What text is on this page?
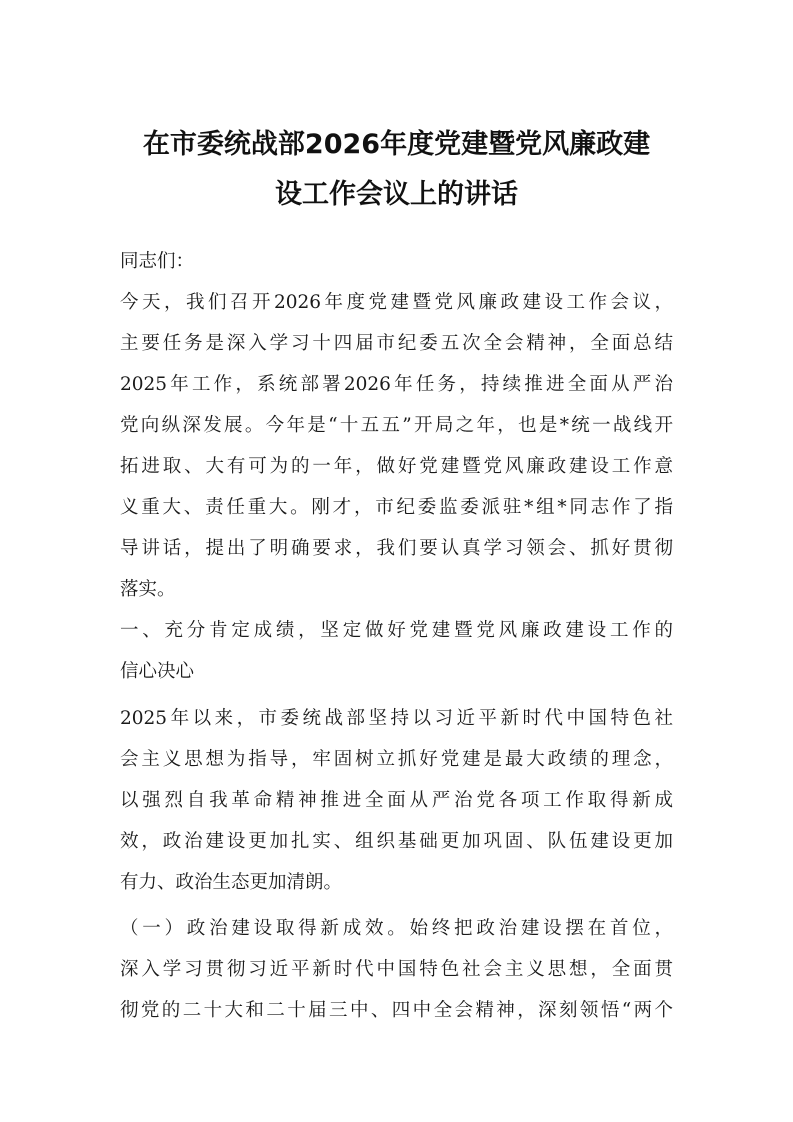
在市委统战部2026年度党建暨党风廉政建
设工作会议上的讲话
同志们：
今天，我们召开2026年度党建暨党风廉政建设工作会议，
主要任务是深入学习十四届市纪委五次全会精神，全面总结
2025年工作，系统部署2026年任务，持续推进全面从严治
党向纵深发展。今年是“十五五”开局之年，也是*统一战线开
拓进取、大有可为的一年，做好党建暨党风廉政建设工作意
义重大、责任重大。刚才，市纪委监委派驻*组*同志作了指
导讲话，提出了明确要求，我们要认真学习领会、抓好贯彻
落实。
一、充分肯定成绩，坚定做好党建暨党风廉政建设工作的
信心决心
2025年以来，市委统战部坚持以习近平新时代中国特色社
会主义思想为指导，牢固树立抓好党建是最大政绩的理念，
以强烈自我革命精神推进全面从严治党各项工作取得新成
效，政治建设更加扎实、组织基础更加巩固、队伍建设更加
有力、政治生态更加清朗。
（一）政治建设取得新成效。始终把政治建设摆在首位，
深入学习贯彻习近平新时代中国特色社会主义思想，全面贯
彻党的二十大和二十届三中、四中全会精神，深刻领悟“两个
